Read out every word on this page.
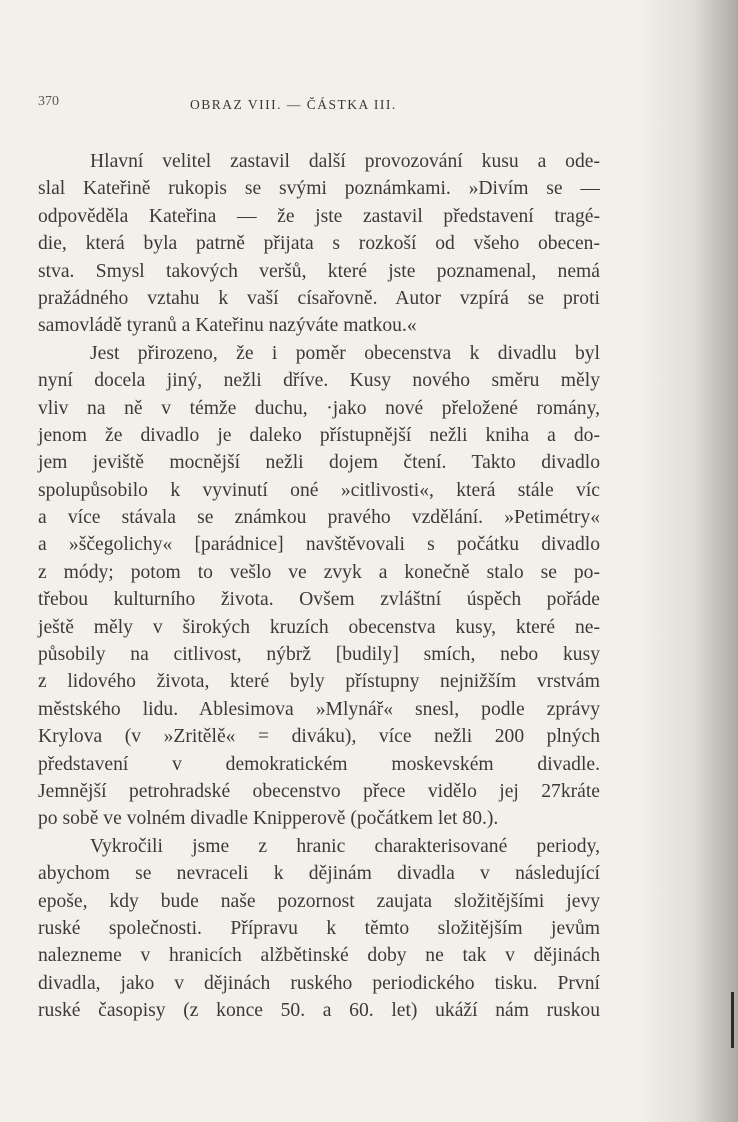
370	OBRAZ VIII. — ČÁSTKA III.
Hlavní velitel zastavil další provozování kusu a ode-
slal Kateřině rukopis se svými poznámkami. »Divím se —
odpověděla Kateřina — že jste zastavil představení tragé-
die, která byla patrně přijata s rozkoší od všeho obecen-
stva. Smysl takových veršů, které jste poznamenal, nemá
pražádného vztahu k vaší císařovně. Autor vzpírá se proti
samovládě tyranů a Kateřinu nazýváte matkou.«
Jest přirozeno, že i poměr obecenstva k divadlu byl
nyní docela jiný, nežli dříve. Kusy nového směru měly
vliv na ně v témže duchu, ·jako nové přeložené romány,
jenom že divadlo je daleko přístupnější nežli kniha a do-
jem jeviště mocnější nežli dojem čtení. Takto divadlo
spolupůsobilo k vyvinutí oné »citlivosti«, která stále víc
a více stávala se známkou pravého vzdělání. »Petimétry«
a »ščegolichy« [parádnice] navštěvovali s počátku divadlo
z módy; potom to vešlo ve zvyk a konečně stalo se po-
třebou kulturního života. Ovšem zvláštní úspěch pořáde
ještě měly v širokých kruzích obecenstva kusy, které ne-
působily na citlivost, nýbrž [budily] smích, nebo kusy
z lidového života, které byly přístupny nejnižším vrstvám
městského lidu. Ablesimova »Mlynář« snesl, podle zprávy
Krylova (v »Zritělě« = diváku), více nežli 200 plných
představení v demokratickém moskevském divadle.
Jemnější petrohradské obecenstvo přece vidělo jej 27kráte
po sobě ve volném divadle Knipperově (počátkem let 80.).
Vykročili jsme z hranic charakterisované periody,
abychom se nevraceli k dějinám divadla v následující
epoše, kdy bude naše pozornost zaujata složitějšími jevy
ruské společnosti. Přípravu k těmto složitějším jevům
nalezneme v hranicích alžbětinské doby ne tak v dějinách
divadla, jako v dějinách ruského periodického tisku. První
ruské časopisy (z konce 50. a 60. let) ukáží nám ruskou
